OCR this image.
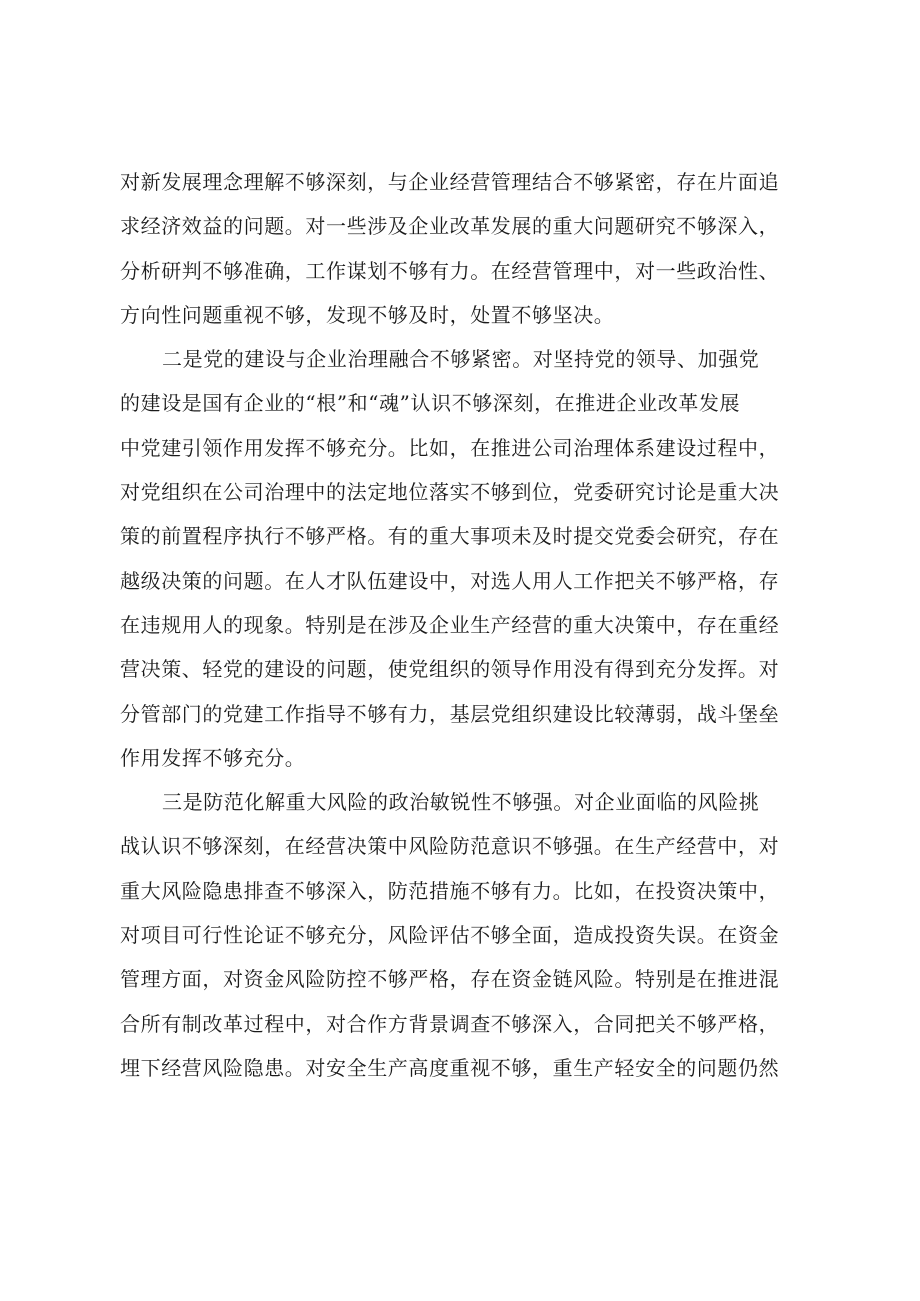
对新发展理念理解不够深刻，与企业经营管理结合不够紧密，存在片面追
求经济效益的问题。对一些涉及企业改革发展的重大问题研究不够深入，
分析研判不够准确，工作谋划不够有力。在经营管理中，对一些政治性、
方向性问题重视不够，发现不够及时，处置不够坚决。

二是党的建设与企业治理融合不够紧密。对坚持党的领导、加强党
的建设是国有企业的“根”和“魂”认识不够深刻，在推进企业改革发展
中党建引领作用发挥不够充分。比如，在推进公司治理体系建设过程中，
对党组织在公司治理中的法定地位落实不够到位，党委研究讨论是重大决
策的前置程序执行不够严格。有的重大事项未及时提交党委会研究，存在
越级决策的问题。在人才队伍建设中，对选人用人工作把关不够严格，存
在违规用人的现象。特别是在涉及企业生产经营的重大决策中，存在重经
营决策、轻党的建设的问题，使党组织的领导作用没有得到充分发挥。对
分管部门的党建工作指导不够有力，基层党组织建设比较薄弱，战斗堡垒
作用发挥不够充分。

三是防范化解重大风险的政治敏锐性不够强。对企业面临的风险挑
战认识不够深刻，在经营决策中风险防范意识不够强。在生产经营中，对
重大风险隐患排查不够深入，防范措施不够有力。比如，在投资决策中，
对项目可行性论证不够充分，风险评估不够全面，造成投资失误。在资金
管理方面，对资金风险防控不够严格，存在资金链风险。特别是在推进混
合所有制改革过程中，对合作方背景调查不够深入，合同把关不够严格，
埋下经营风险隐患。对安全生产高度重视不够，重生产轻安全的问题仍然
